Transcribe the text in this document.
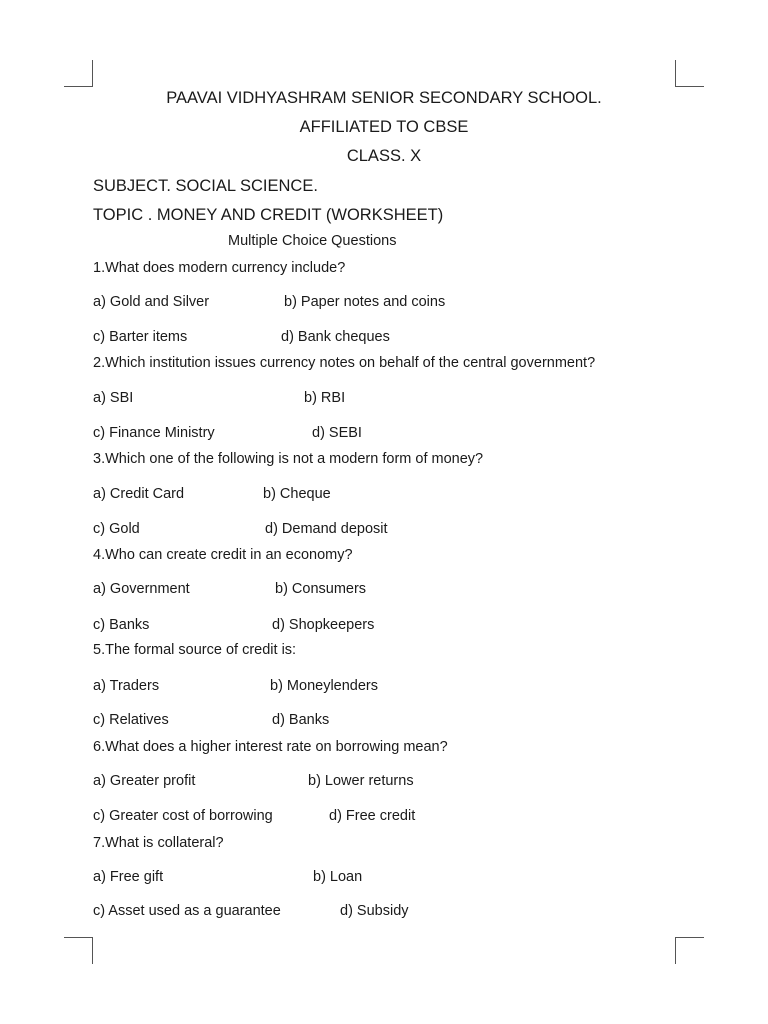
PAAVAI VIDHYASHRAM SENIOR SECONDARY SCHOOL.
AFFILIATED TO CBSE
CLASS. X
SUBJECT. SOCIAL SCIENCE.
TOPIC . MONEY AND CREDIT (WORKSHEET)
Multiple Choice Questions
1.What does modern currency include?
a) Gold and Silver	b) Paper notes and coins
c) Barter items	d) Bank cheques
2.Which institution issues currency notes on behalf of the central government?
a) SBI	b) RBI
c) Finance Ministry	d) SEBI
3.Which one of the following is not a modern form of money?
a) Credit Card	b) Cheque
c) Gold	d) Demand deposit
4.Who can create credit in an economy?
a) Government	b) Consumers
c) Banks	d) Shopkeepers
5.The formal source of credit is:
a) Traders	b) Moneylenders
c) Relatives	d) Banks
6.What does a higher interest rate on borrowing mean?
a) Greater profit	b) Lower returns
c) Greater cost of borrowing	d) Free credit
7.What is collateral?
a) Free gift	b) Loan
c) Asset used as a guarantee	d) Subsidy
